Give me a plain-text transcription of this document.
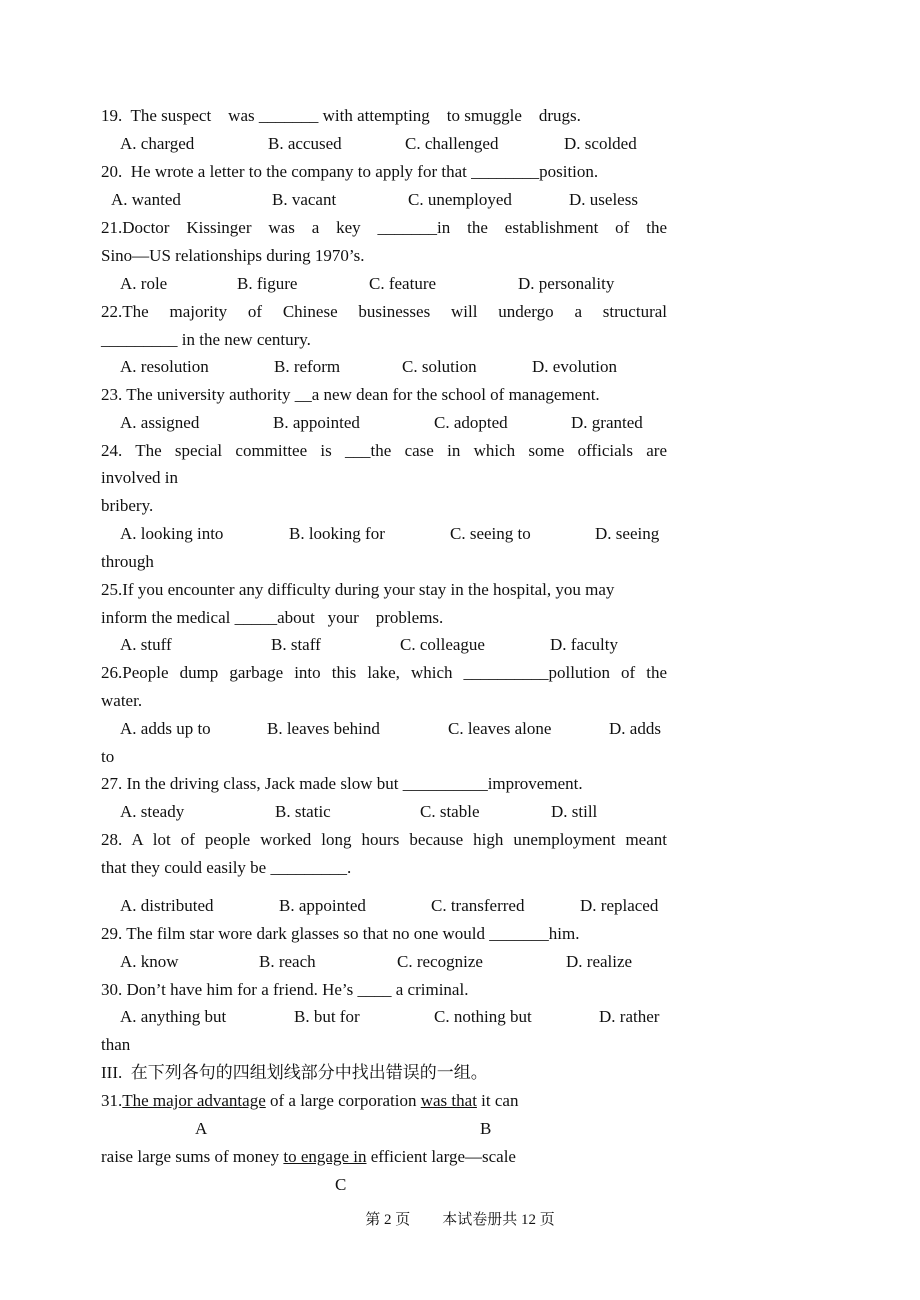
19.  The suspect    was _______ with attempting    to smuggle    drugs.
A. charged	B. accused	C. challenged	D. scolded
20.  He wrote a letter to the company to apply for that ________position.
A. wanted	B. vacant	C. unemployed	D. useless
21.Doctor Kissinger was a key _______in the establishment of the
Sino—US relationships during 1970’s.
A. role	B. figure	C. feature	D. personality
22.The majority of Chinese businesses will undergo a structural
_________ in the new century.
A. resolution	B. reform	C. solution	D. evolution
23. The university authority __a new dean for the school of management.
A. assigned	B. appointed	C. adopted	D. granted
24. The special committee is ___the case in which some officials are
involved in
bribery.
A. looking into	B. looking for	C. seeing to	D. seeing
through
25.If you encounter any difficulty during your stay in the hospital, you may
inform the medical _____about   your    problems.
A. stuff	B. staff	C. colleague	D. faculty
26.People dump garbage into this lake, which __________pollution of the
water.
A. adds up to	B. leaves behind	C. leaves alone	D. adds
to
27. In the driving class, Jack made slow but __________improvement.
A. steady	B. static	C. stable	D. still
28. A lot of people worked long hours because high unemployment meant
that they could easily be _________.
A. distributed	B. appointed	C. transferred	D. replaced
29. The film star wore dark glasses so that no one would _______him.
A. know	B. reach	C. recognize	D. realize
30. Don’t have him for a friend. He’s ____ a criminal.
A. anything but	B. but for	C. nothing but	D. rather
than
III.  在下列各句的四组划线部分中找出错误的一组。
31.The major advantage of a large corporation was that it can
A	B
raise large sums of money to engage in efficient large—scale
C
第 2 页 本试卷册共 12 页
